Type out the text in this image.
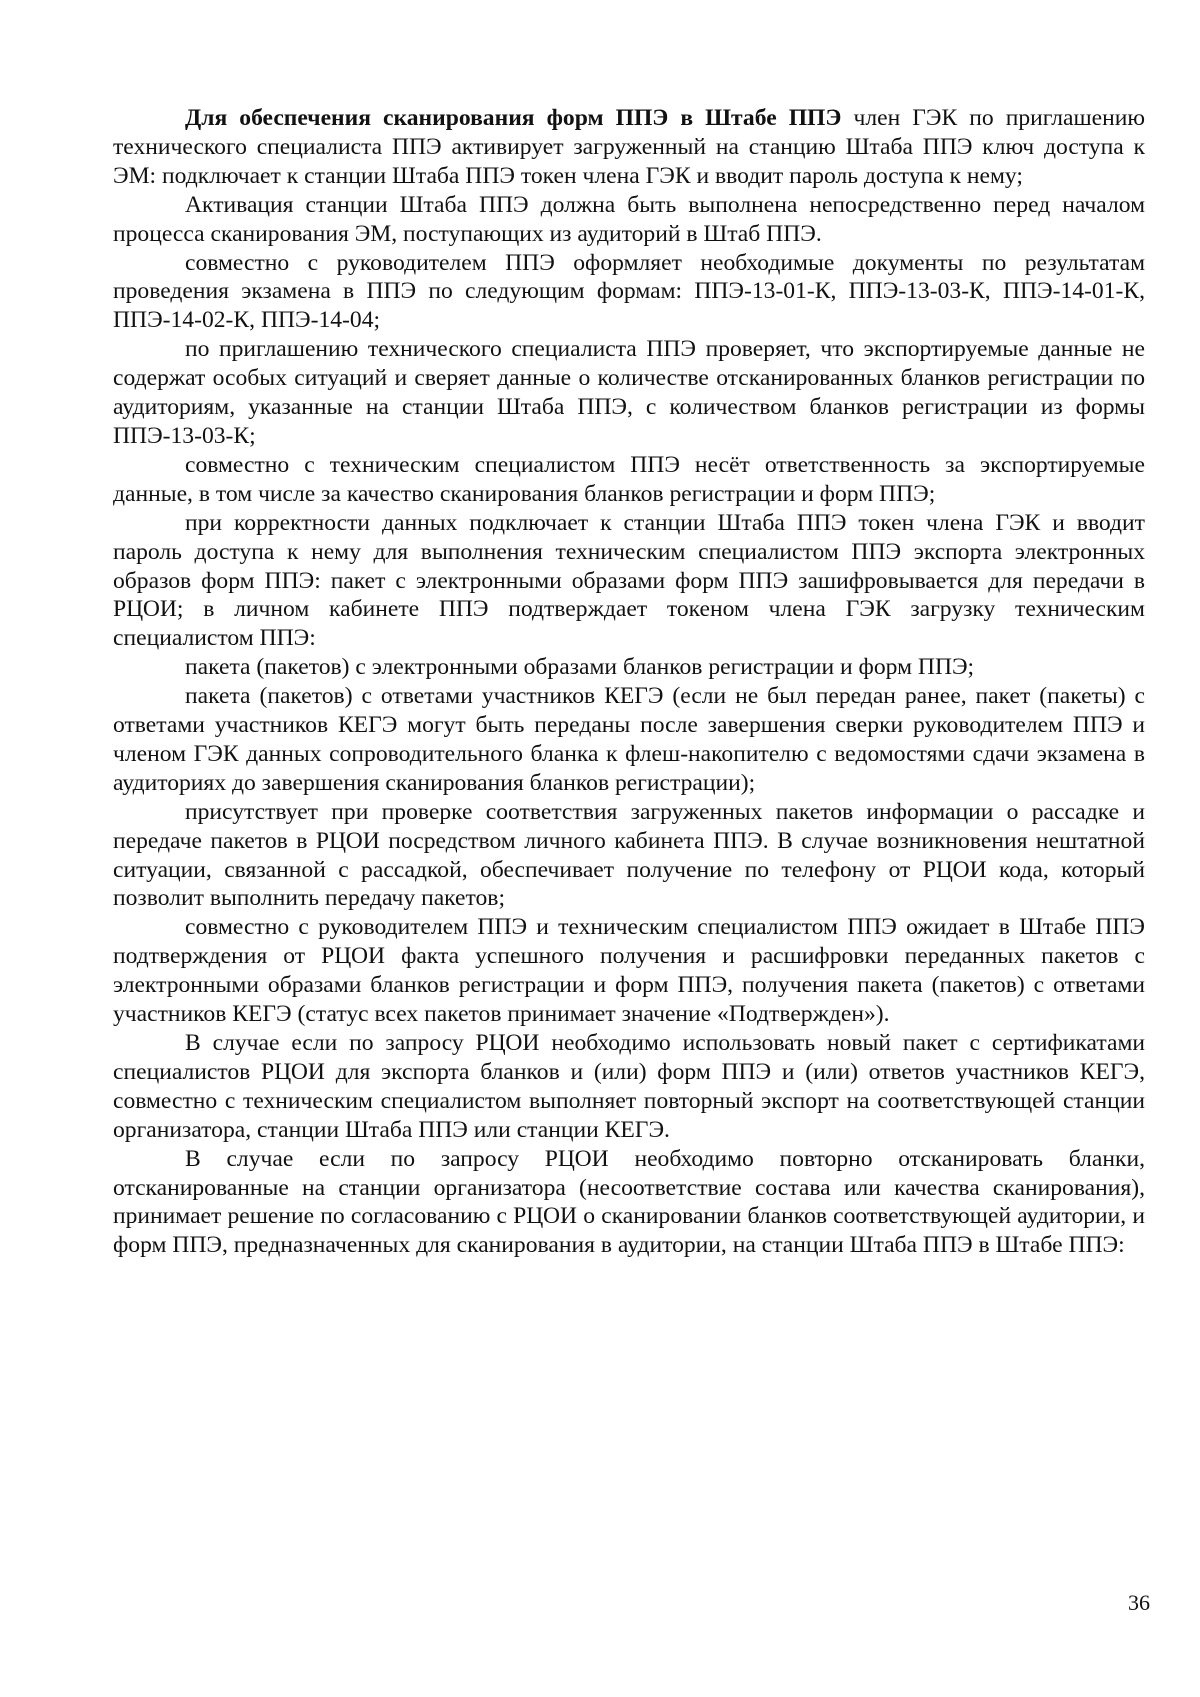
Для обеспечения сканирования форм ППЭ в Штабе ППЭ член ГЭК по приглашению технического специалиста ППЭ активирует загруженный на станцию Штаба ППЭ ключ доступа к ЭМ: подключает к станции Штаба ППЭ токен члена ГЭК и вводит пароль доступа к нему;

Активация станции Штаба ППЭ должна быть выполнена непосредственно перед началом процесса сканирования ЭМ, поступающих из аудиторий в Штаб ППЭ.

совместно с руководителем ППЭ оформляет необходимые документы по результатам проведения экзамена в ППЭ по следующим формам: ППЭ-13-01-К, ППЭ-13-03-К, ППЭ-14-01-К, ППЭ-14-02-К, ППЭ-14-04;

по приглашению технического специалиста ППЭ проверяет, что экспортируемые данные не содержат особых ситуаций и сверяет данные о количестве отсканированных бланков регистрации по аудиториям, указанные на станции Штаба ППЭ, с количеством бланков регистрации из формы ППЭ-13-03-К;

совместно с техническим специалистом ППЭ несёт ответственность за экспортируемые данные, в том числе за качество сканирования бланков регистрации и форм ППЭ;

при корректности данных подключает к станции Штаба ППЭ токен члена ГЭК и вводит пароль доступа к нему для выполнения техническим специалистом ППЭ экспорта электронных образов форм ППЭ: пакет с электронными образами форм ППЭ зашифровывается для передачи в РЦОИ; в личном кабинете ППЭ подтверждает токеном члена ГЭК загрузку техническим специалистом ППЭ:

пакета (пакетов) с электронными образами бланков регистрации и форм ППЭ;

пакета (пакетов) с ответами участников КЕГЭ (если не был передан ранее, пакет (пакеты) с ответами участников КЕГЭ могут быть переданы после завершения сверки руководителем ППЭ и членом ГЭК данных сопроводительного бланка к флеш-накопителю с ведомостями сдачи экзамена в аудиториях до завершения сканирования бланков регистрации);

присутствует при проверке соответствия загруженных пакетов информации о рассадке и передаче пакетов в РЦОИ посредством личного кабинета ППЭ. В случае возникновения нештатной ситуации, связанной с рассадкой, обеспечивает получение по телефону от РЦОИ кода, который позволит выполнить передачу пакетов;

совместно с руководителем ППЭ и техническим специалистом ППЭ ожидает в Штабе ППЭ подтверждения от РЦОИ факта успешного получения и расшифровки переданных пакетов с электронными образами бланков регистрации и форм ППЭ, получения пакета (пакетов) с ответами участников КЕГЭ (статус всех пакетов принимает значение «Подтвержден»).

В случае если по запросу РЦОИ необходимо использовать новый пакет с сертификатами специалистов РЦОИ для экспорта бланков и (или) форм ППЭ и (или) ответов участников КЕГЭ, совместно с техническим специалистом выполняет повторный экспорт на соответствующей станции организатора, станции Штаба ППЭ или станции КЕГЭ.

В случае если по запросу РЦОИ необходимо повторно отсканировать бланки, отсканированные на станции организатора (несоответствие состава или качества сканирования), принимает решение по согласованию с РЦОИ о сканировании бланков соответствующей аудитории, и форм ППЭ, предназначенных для сканирования в аудитории, на станции Штаба ППЭ в Штабе ППЭ:

36
